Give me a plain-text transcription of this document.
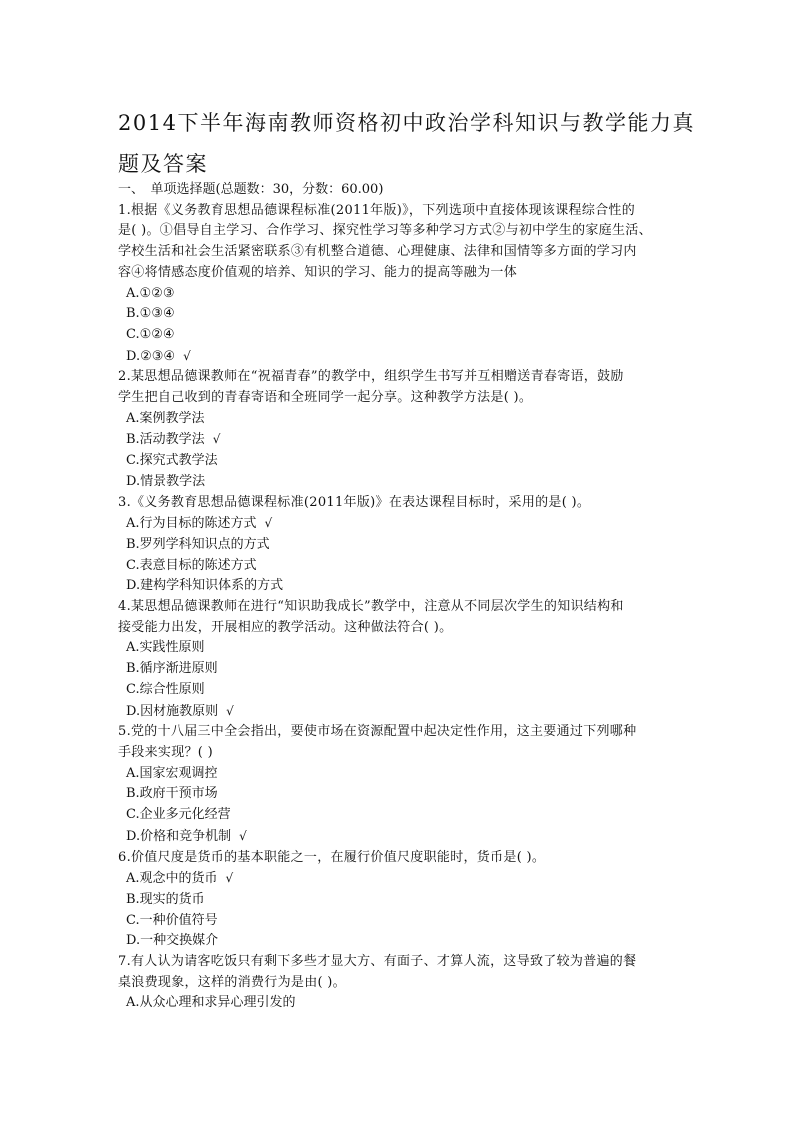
2014下半年海南教师资格初中政治学科知识与教学能力真
题及答案

一、　单项选择题(总题数：30，分数：60.00)

1.根据《义务教育思想品德课程标准(2011年版)》，下列选项中直接体现该课程综合性的
是( )。①倡导自主学习、合作学习、探究性学习等多种学习方式②与初中学生的家庭生活、
学校生活和社会生活紧密联系③有机整合道德、心理健康、法律和国情等多方面的学习内
容④将情感态度价值观的培养、知识的学习、能力的提高等融为一体

A.①②③
B.①③④
C.①②④
D.②③④ √

2.某思想品德课教师在“祝福青春”的教学中，组织学生书写并互相赠送青春寄语，鼓励
学生把自己收到的青春寄语和全班同学一起分享。这种教学方法是( )。

A.案例教学法
B.活动教学法 √
C.探究式教学法
D.情景教学法

3.《义务教育思想品德课程标准(2011年版)》在表达课程目标时，采用的是( )。

A.行为目标的陈述方式 √
B.罗列学科知识点的方式
C.表意目标的陈述方式
D.建构学科知识体系的方式

4.某思想品德课教师在进行“知识助我成长”教学中，注意从不同层次学生的知识结构和
接受能力出发，开展相应的教学活动。这种做法符合( )。

A.实践性原则
B.循序渐进原则
C.综合性原则
D.因材施教原则 √

5.党的十八届三中全会指出，要使市场在资源配置中起决定性作用，这主要通过下列哪种
手段来实现？( )

A.国家宏观调控
B.政府干预市场
C.企业多元化经营
D.价格和竞争机制 √

6.价值尺度是货币的基本职能之一，在履行价值尺度职能时，货币是( )。

A.观念中的货币 √
B.现实的货币
C.一种价值符号
D.一种交换媒介

7.有人认为请客吃饭只有剩下多些才显大方、有面子、才算人流，这导致了较为普遍的餐
桌浪费现象，这样的消费行为是由( )。

A.从众心理和求异心理引发的
